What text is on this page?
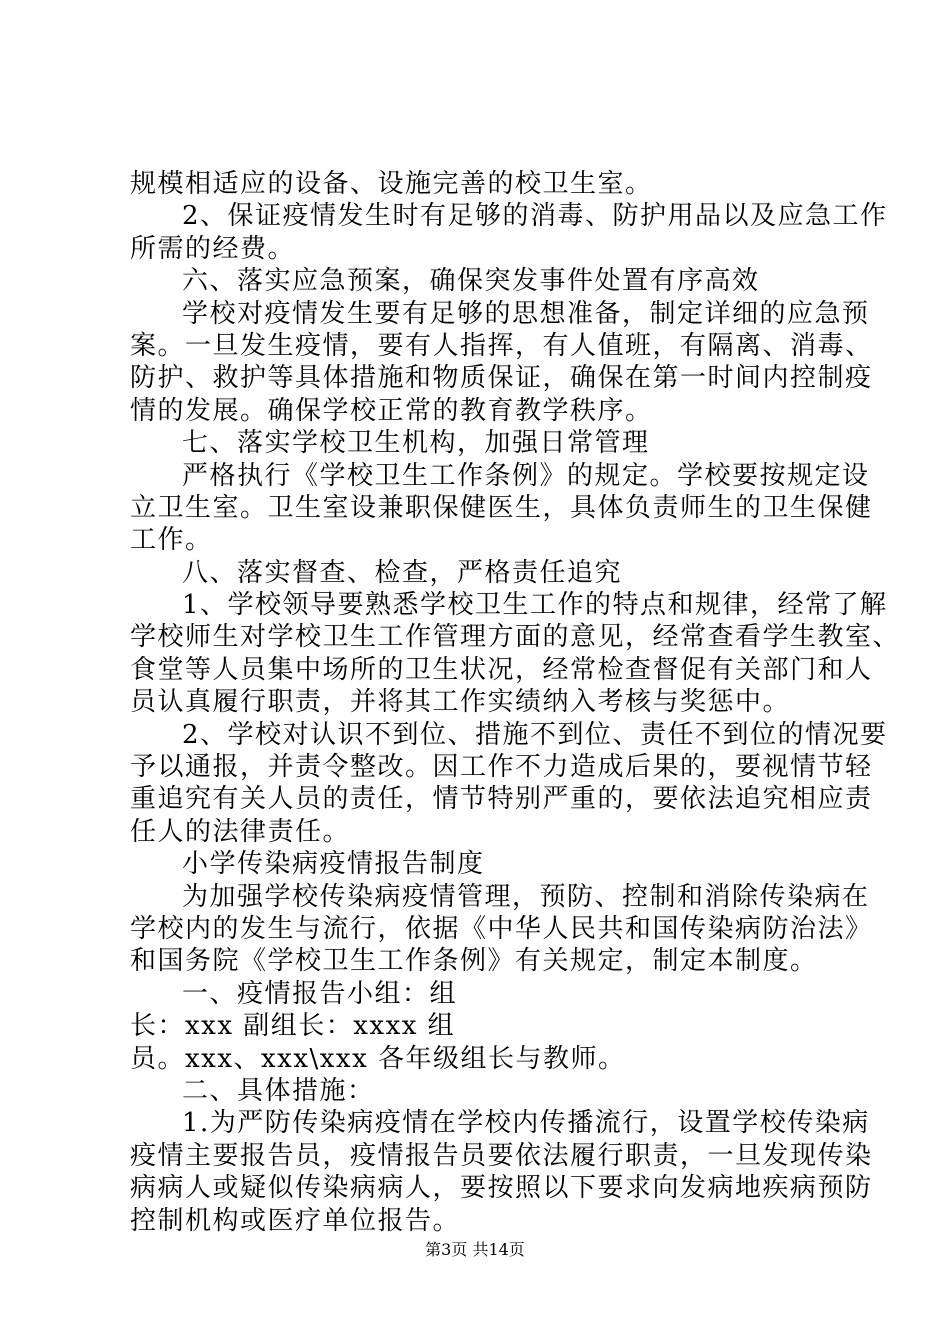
规模相适应的设备、设施完善的校卫生室。
2、保证疫情发生时有足够的消毒、防护用品以及应急工作
所需的经费。
六、落实应急预案，确保突发事件处置有序高效
学校对疫情发生要有足够的思想准备，制定详细的应急预
案。一旦发生疫情，要有人指挥，有人值班，有隔离、消毒、
防护、救护等具体措施和物质保证，确保在第一时间内控制疫
情的发展。确保学校正常的教育教学秩序。
七、落实学校卫生机构，加强日常管理
严格执行《学校卫生工作条例》的规定。学校要按规定设
立卫生室。卫生室设兼职保健医生，具体负责师生的卫生保健
工作。
八、落实督查、检查，严格责任追究
1、学校领导要熟悉学校卫生工作的特点和规律，经常了解
学校师生对学校卫生工作管理方面的意见，经常查看学生教室、
食堂等人员集中场所的卫生状况，经常检查督促有关部门和人
员认真履行职责，并将其工作实绩纳入考核与奖惩中。
2、学校对认识不到位、措施不到位、责任不到位的情况要
予以通报，并责令整改。因工作不力造成后果的，要视情节轻
重追究有关人员的责任，情节特别严重的，要依法追究相应责
任人的法律责任。
小学传染病疫情报告制度
为加强学校传染病疫情管理，预防、控制和消除传染病在
学校内的发生与流行，依据《中华人民共和国传染病防治法》
和国务院《学校卫生工作条例》有关规定，制定本制度。
一、疫情报告小组：组
长：xxx 副组长：xxxx 组
员。xxx、xxx\xxx 各年级组长与教师。
二、具体措施：
1.为严防传染病疫情在学校内传播流行，设置学校传染病
疫情主要报告员，疫情报告员要依法履行职责，一旦发现传染
病病人或疑似传染病病人，要按照以下要求向发病地疾病预防
控制机构或医疗单位报告。
第3页 共14页
